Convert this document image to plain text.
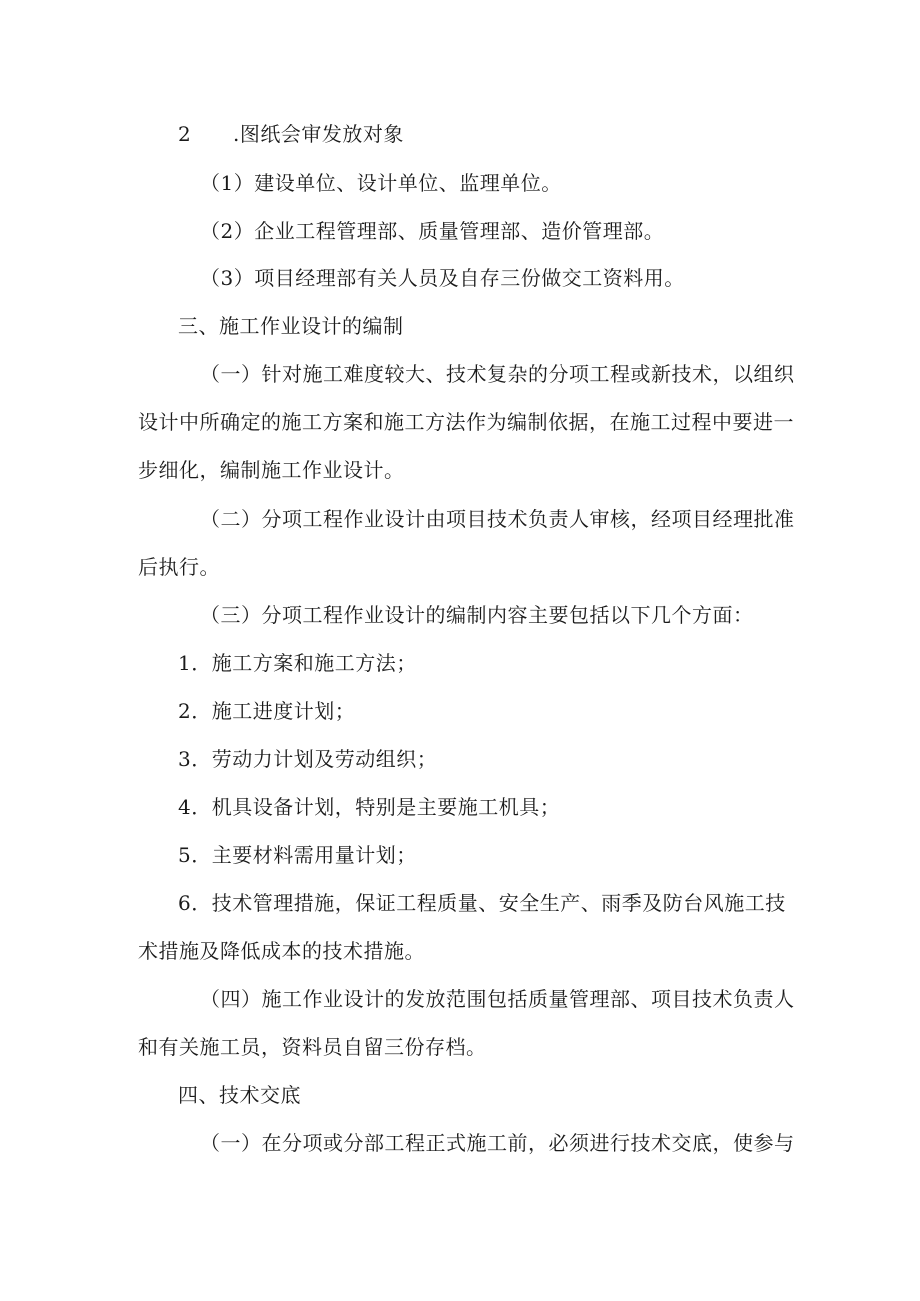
2 .图纸会审发放对象
（1）建设单位、设计单位、监理单位。
（2）企业工程管理部、质量管理部、造价管理部。
（3）项目经理部有关人员及自存三份做交工资料用。
三、施工作业设计的编制
（一）针对施工难度较大、技术复杂的分项工程或新技术，以组织
设计中所确定的施工方案和施工方法作为编制依据，在施工过程中要进一
步细化，编制施工作业设计。
（二）分项工程作业设计由项目技术负责人审核，经项目经理批准
后执行。
（三）分项工程作业设计的编制内容主要包括以下几个方面：
1．施工方案和施工方法；
2．施工进度计划；
3．劳动力计划及劳动组织；
4．机具设备计划，特别是主要施工机具；
5．主要材料需用量计划；
6．技术管理措施，保证工程质量、安全生产、雨季及防台风施工技
术措施及降低成本的技术措施。
（四）施工作业设计的发放范围包括质量管理部、项目技术负责人
和有关施工员，资料员自留三份存档。
四、技术交底
（一）在分项或分部工程正式施工前，必须进行技术交底，使参与
